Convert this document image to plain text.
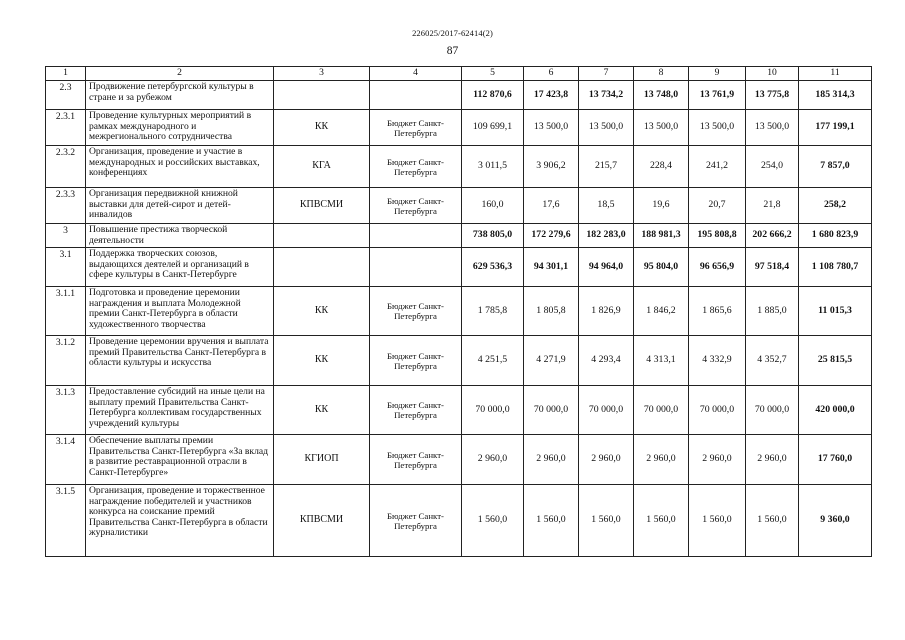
226025/2017-62414(2)
87
1	2	3	4	5	6	7	8	9	10	11
2.3	Продвижение петербургской культуры в стране и за рубежом			112 870,6	17 423,8	13 734,2	13 748,0	13 761,9	13 775,8	185 314,3
2.3.1	Проведение культурных мероприятий в рамках международного и межрегионального сотрудничества	КК	Бюджет Санкт-Петербурга	109 699,1	13 500,0	13 500,0	13 500,0	13 500,0	13 500,0	177 199,1
2.3.2	Организация, проведение и участие в международных и российских выставках, конференциях	КГА	Бюджет Санкт-Петербурга	3 011,5	3 906,2	215,7	228,4	241,2	254,0	7 857,0
2.3.3	Организация передвижной книжной выставки для детей-сирот и детей-инвалидов	КПВСМИ	Бюджет Санкт-Петербурга	160,0	17,6	18,5	19,6	20,7	21,8	258,2
3	Повышение престижа творческой деятельности			738 805,0	172 279,6	182 283,0	188 981,3	195 808,8	202 666,2	1 680 823,9
3.1	Поддержка творческих союзов, выдающихся деятелей и организаций в сфере культуры в Санкт-Петербурге			629 536,3	94 301,1	94 964,0	95 804,0	96 656,9	97 518,4	1 108 780,7
3.1.1	Подготовка и проведение церемонии награждения и выплата Молодежной премии Санкт-Петербурга в области художественного творчества	КК	Бюджет Санкт-Петербурга	1 785,8	1 805,8	1 826,9	1 846,2	1 865,6	1 885,0	11 015,3
3.1.2	Проведение церемонии вручения и выплата премий Правительства Санкт-Петербурга в области культуры и искусства	КК	Бюджет Санкт-Петербурга	4 251,5	4 271,9	4 293,4	4 313,1	4 332,9	4 352,7	25 815,5
3.1.3	Предоставление субсидий на иные цели на выплату премий Правительства Санкт-Петербурга коллективам государственных учреждений культуры	КК	Бюджет Санкт-Петербурга	70 000,0	70 000,0	70 000,0	70 000,0	70 000,0	70 000,0	420 000,0
3.1.4	Обеспечение выплаты премии Правительства Санкт-Петербурга «За вклад в развитие реставрационной отрасли в Санкт-Петербурге»	КГИОП	Бюджет Санкт-Петербурга	2 960,0	2 960,0	2 960,0	2 960,0	2 960,0	2 960,0	17 760,0
3.1.5	Организация, проведение и торжественное награждение победителей и участников конкурса на соискание премий Правительства Санкт-Петербурга в области журналистики	КПВСМИ	Бюджет Санкт-Петербурга	1 560,0	1 560,0	1 560,0	1 560,0	1 560,0	1 560,0	9 360,0
